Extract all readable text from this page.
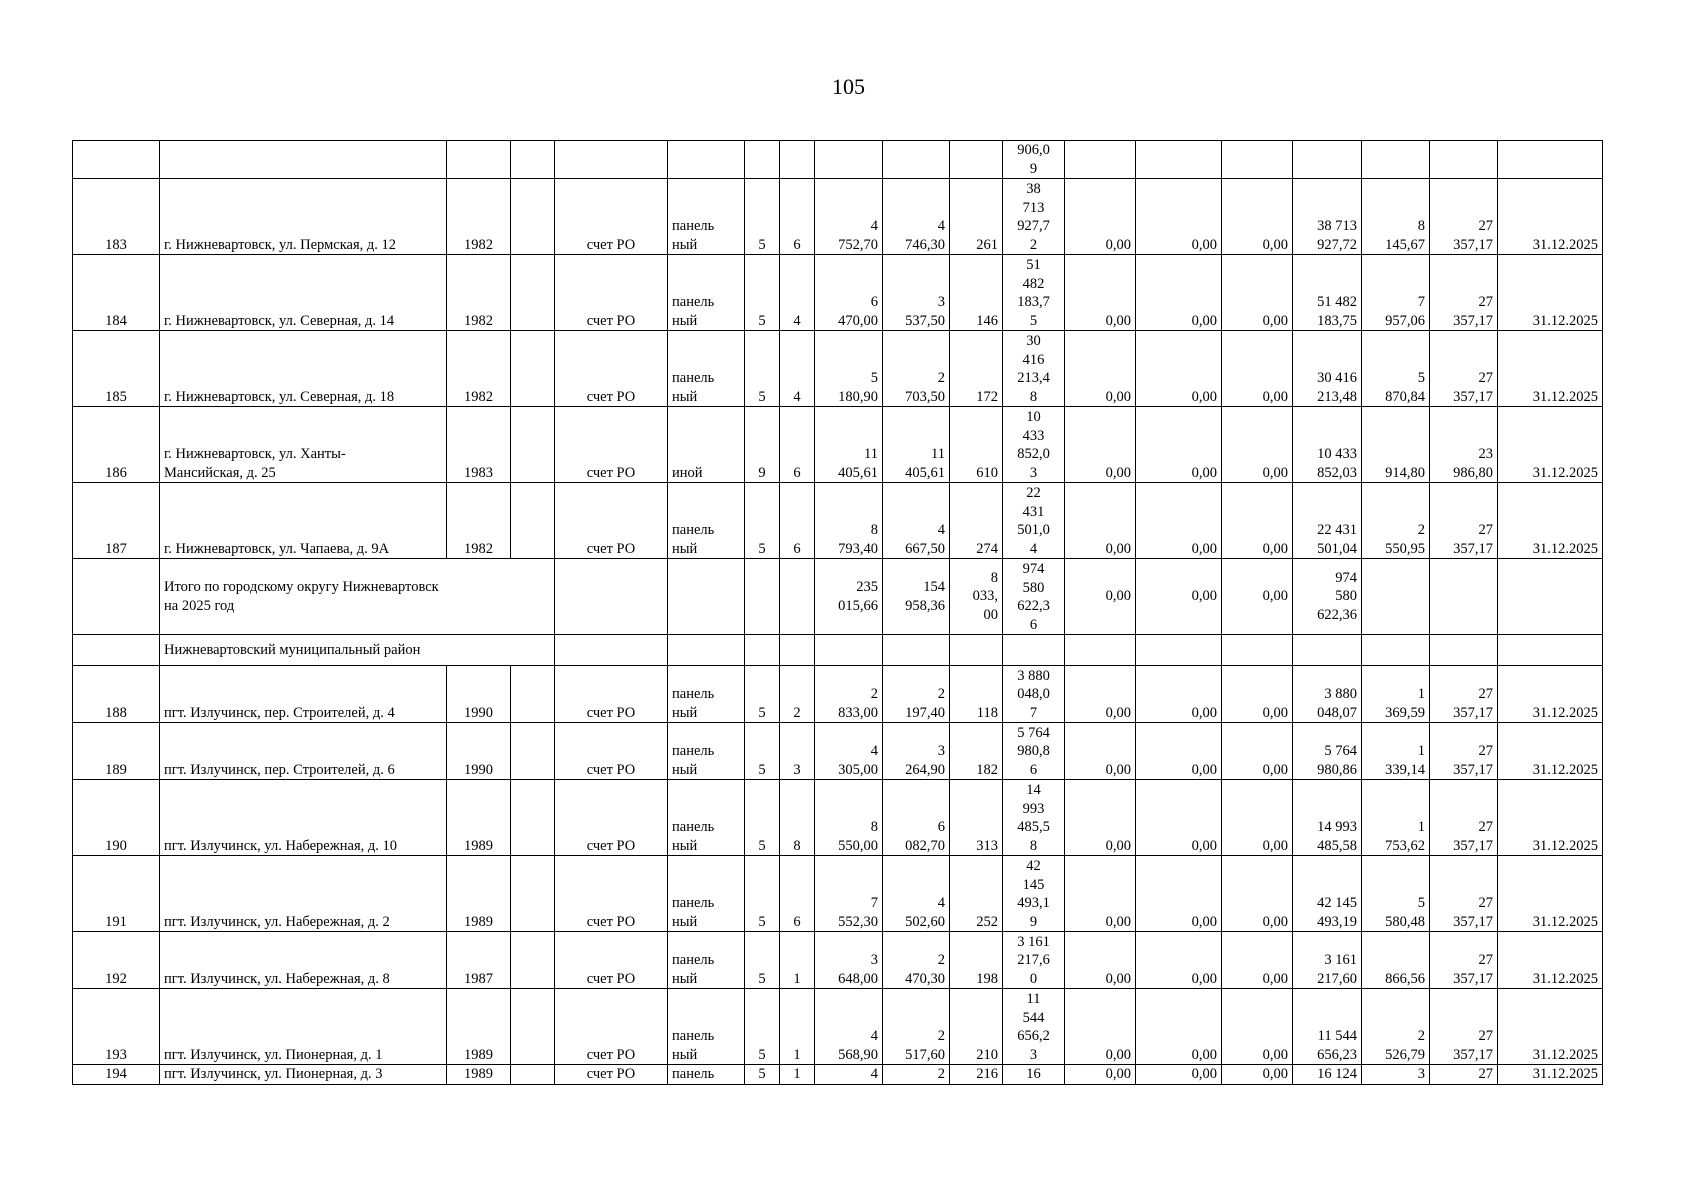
105
											906,0
9							
183	г. Нижневартовск, ул. Пермская, д. 12	1982		счет РО	панель
ный	5	6	4
752,70	4
746,30	261	38
713
927,7
2	0,00	0,00	0,00	38 713
927,72	8
145,67	27
357,17	31.12.2025
184	г. Нижневартовск, ул. Северная, д. 14	1982		счет РО	панель
ный	5	4	6
470,00	3
537,50	146	51
482
183,7
5	0,00	0,00	0,00	51 482
183,75	7
957,06	27
357,17	31.12.2025
185	г. Нижневартовск, ул. Северная, д. 18	1982		счет РО	панель
ный	5	4	5
180,90	2
703,50	172	30
416
213,4
8	0,00	0,00	0,00	30 416
213,48	5
870,84	27
357,17	31.12.2025
186	г. Нижневартовск, ул. Ханты-
Мансийская, д. 25	1983		счет РО	иной	9	6	11
405,61	11
405,61	610	10
433
852,0
3	0,00	0,00	0,00	10 433
852,03	914,80	23
986,80	31.12.2025
187	г. Нижневартовск, ул. Чапаева, д. 9А	1982		счет РО	панель
ный	5	6	8
793,40	4
667,50	274	22
431
501,0
4	0,00	0,00	0,00	22 431
501,04	2
550,95	27
357,17	31.12.2025
	Итого по городскому округу Нижневартовск
на 2025 год							235
015,66	154
958,36	8
033,
00	974
580
622,3
6	0,00	0,00	0,00	974
580
622,36			
	Нижневартовский муниципальный район																	
188	пгт. Излучинск, пер. Строителей, д. 4	1990		счет РО	панель
ный	5	2	2
833,00	2
197,40	118	3 880
048,0
7	0,00	0,00	0,00	3 880
048,07	1
369,59	27
357,17	31.12.2025
189	пгт. Излучинск, пер. Строителей, д. 6	1990		счет РО	панель
ный	5	3	4
305,00	3
264,90	182	5 764
980,8
6	0,00	0,00	0,00	5 764
980,86	1
339,14	27
357,17	31.12.2025
190	пгт. Излучинск, ул. Набережная, д. 10	1989		счет РО	панель
ный	5	8	8
550,00	6
082,70	313	14
993
485,5
8	0,00	0,00	0,00	14 993
485,58	1
753,62	27
357,17	31.12.2025
191	пгт. Излучинск, ул. Набережная, д. 2	1989		счет РО	панель
ный	5	6	7
552,30	4
502,60	252	42
145
493,1
9	0,00	0,00	0,00	42 145
493,19	5
580,48	27
357,17	31.12.2025
192	пгт. Излучинск, ул. Набережная, д. 8	1987		счет РО	панель
ный	5	1	3
648,00	2
470,30	198	3 161
217,6
0	0,00	0,00	0,00	3 161
217,60	866,56	27
357,17	31.12.2025
193	пгт. Излучинск, ул. Пионерная, д. 1	1989		счет РО	панель
ный	5	1	4
568,90	2
517,60	210	11
544
656,2
3	0,00	0,00	0,00	11 544
656,23	2
526,79	27
357,17	31.12.2025
194	пгт. Излучинск, ул. Пионерная, д. 3	1989		счет РО	панель	5	1	4	2	216	16	0,00	0,00	0,00	16 124	3	27	31.12.2025
